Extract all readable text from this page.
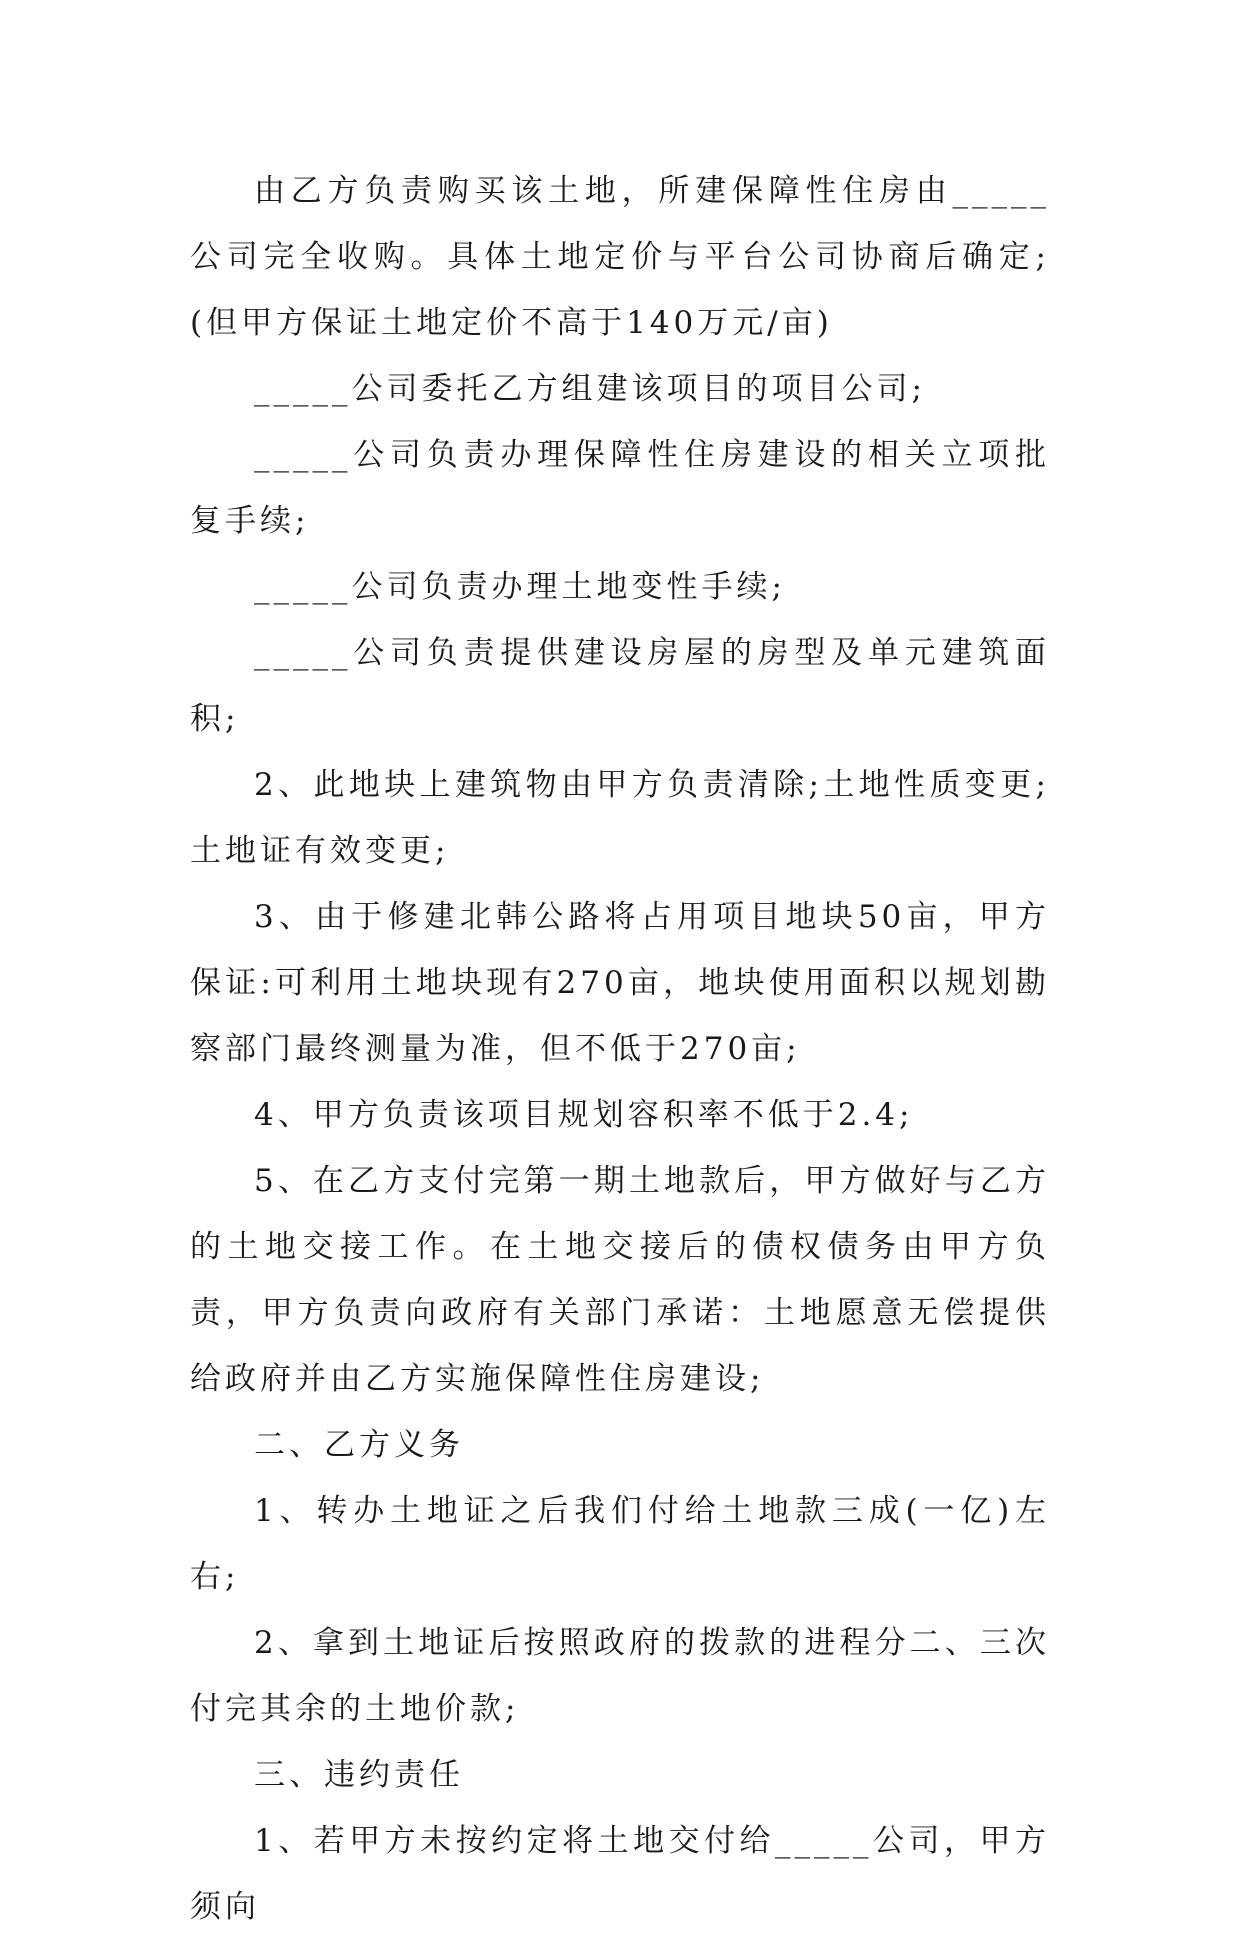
由乙方负责购买该土地，所建保障性住房由_____公司完全收购。具体土地定价与平台公司协商后确定;(但甲方保证土地定价不高于140万元/亩)

_____公司委托乙方组建该项目的项目公司;

_____公司负责办理保障性住房建设的相关立项批复手续;

_____公司负责办理土地变性手续;

_____公司负责提供建设房屋的房型及单元建筑面积;

2、此地块上建筑物由甲方负责清除;土地性质变更;土地证有效变更;

3、由于修建北韩公路将占用项目地块50亩，甲方保证:可利用土地块现有270亩，地块使用面积以规划勘察部门最终测量为准，但不低于270亩;

4、甲方负责该项目规划容积率不低于2.4;

5、在乙方支付完第一期土地款后，甲方做好与乙方的土地交接工作。在土地交接后的债权债务由甲方负责，甲方负责向政府有关部门承诺：土地愿意无偿提供给政府并由乙方实施保障性住房建设;

二、乙方义务

1、转办土地证之后我们付给土地款三成(一亿)左右;

2、拿到土地证后按照政府的拨款的进程分二、三次付完其余的土地价款;

三、违约责任

1、若甲方未按约定将土地交付给_____公司，甲方须向
